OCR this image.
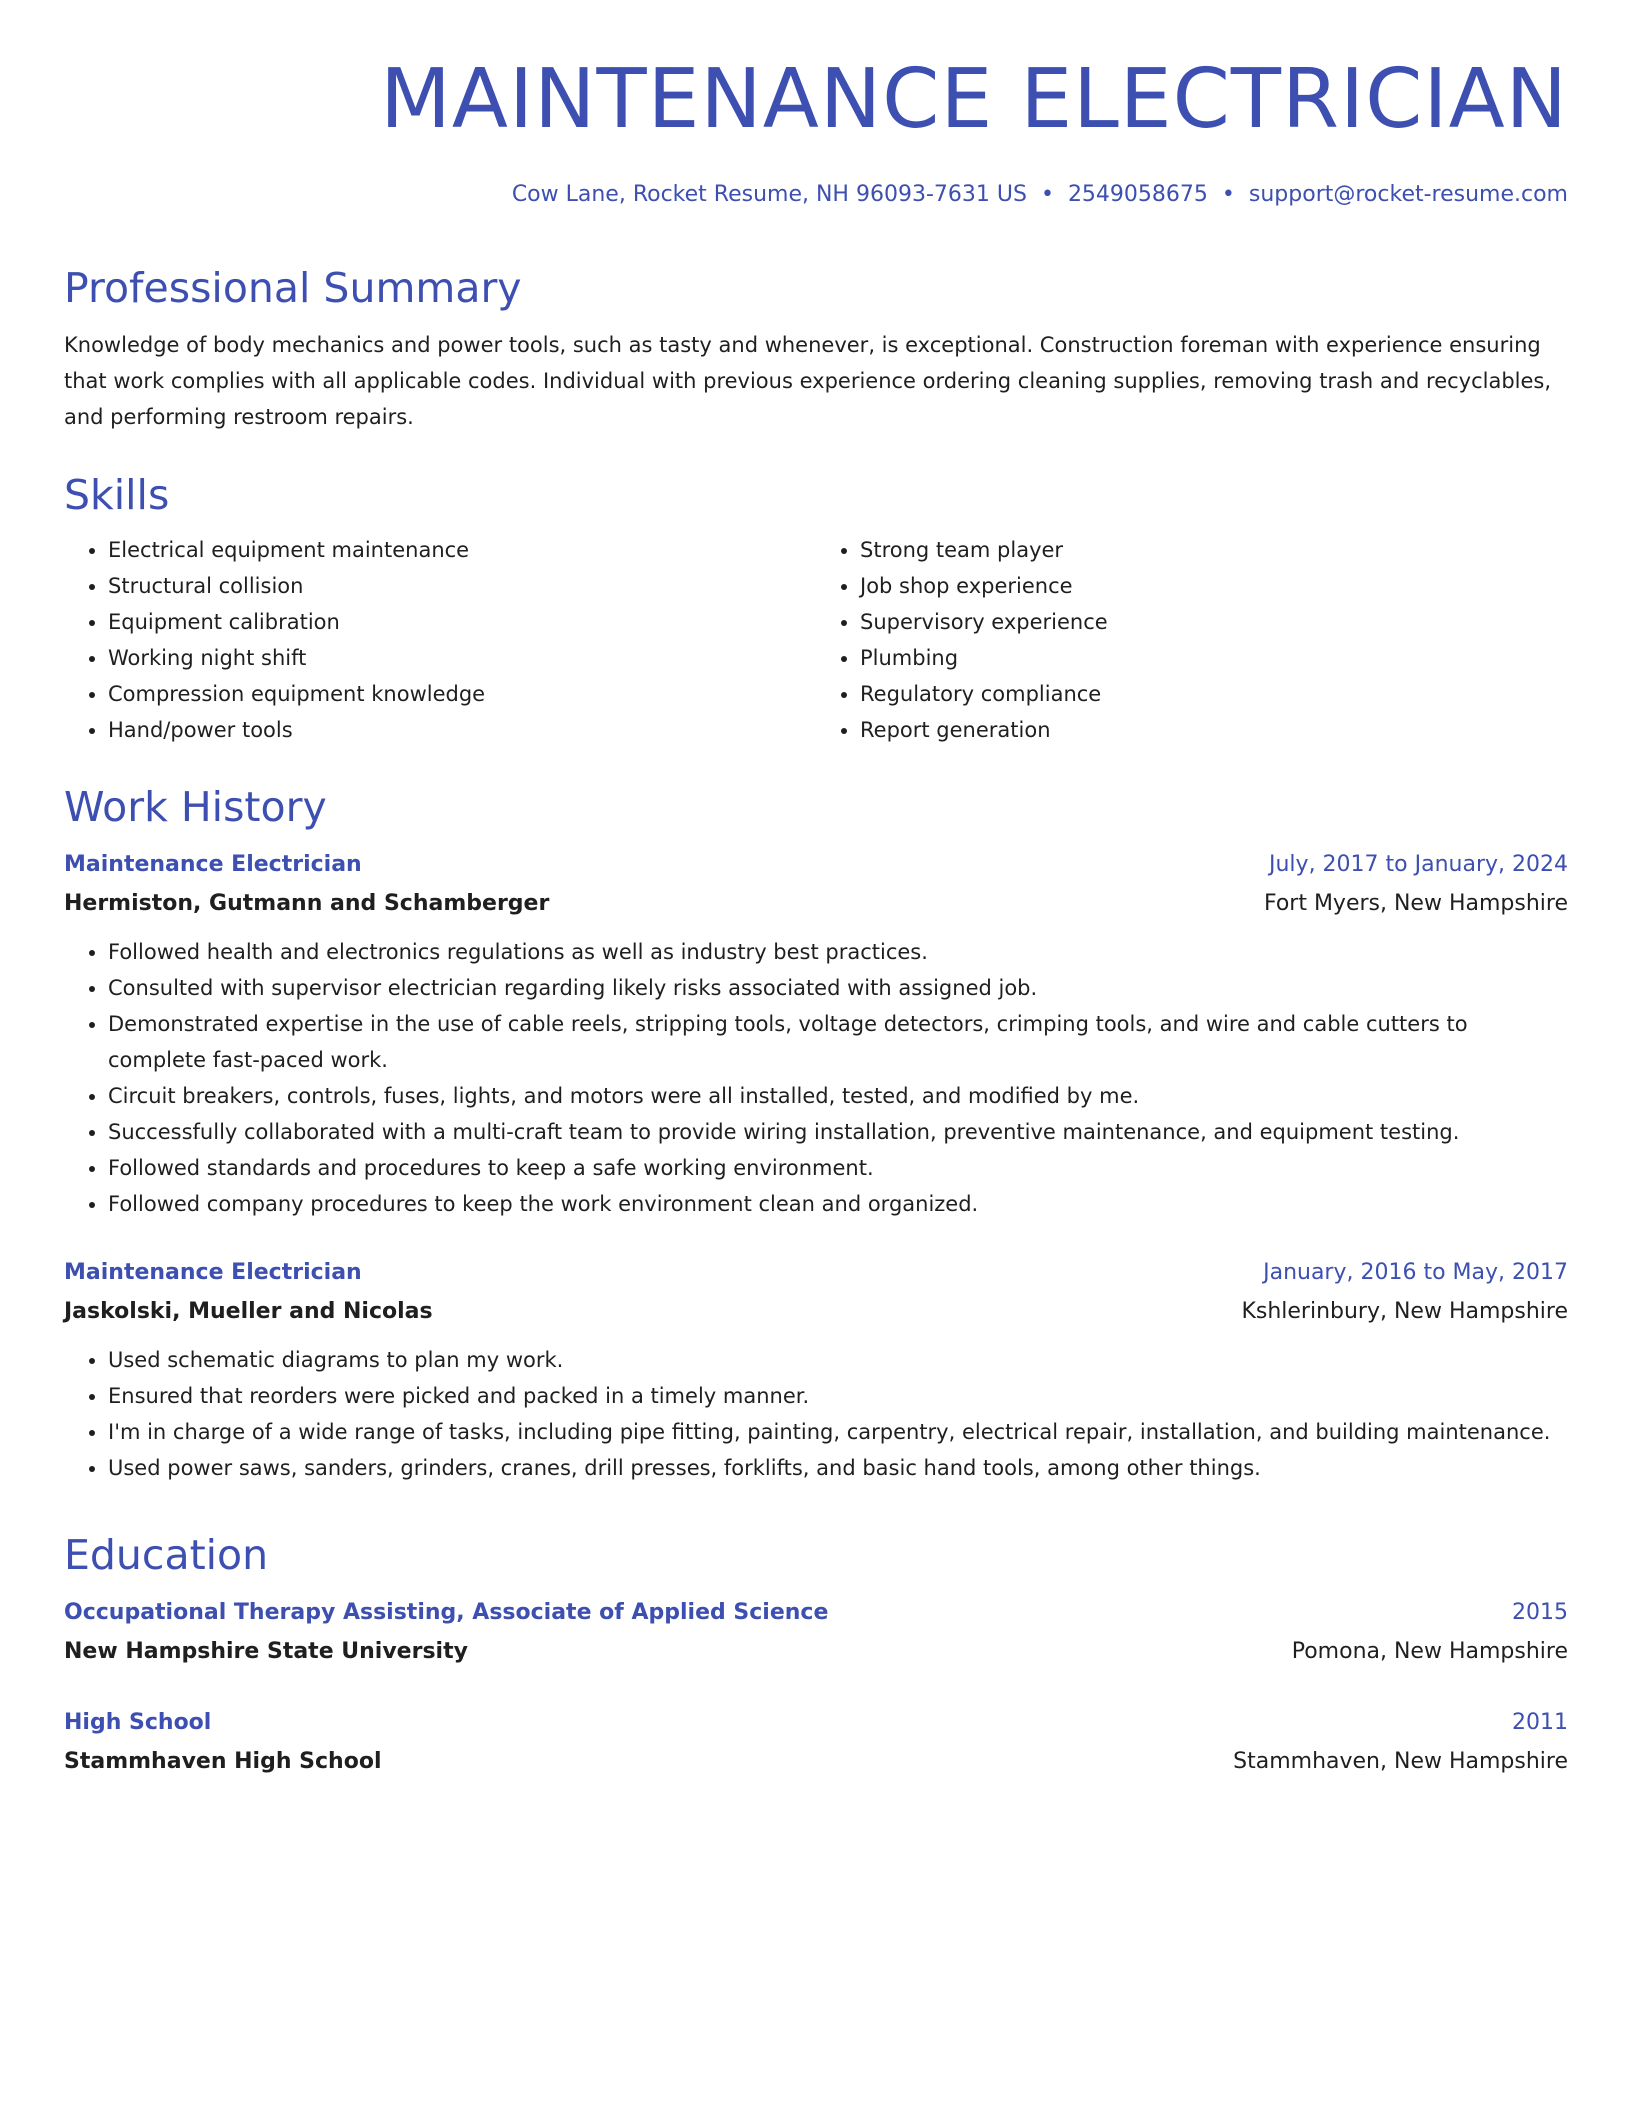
MAINTENANCE ELECTRICIAN
Cow Lane, Rocket Resume, NH 96093-7631 US • 2549058675 • support@rocket-resume.com
Professional Summary

Knowledge of body mechanics and power tools, such as tasty and whenever, is exceptional. Construction foreman with experience ensuring that work complies with all applicable codes. Individual with previous experience ordering cleaning supplies, removing trash and recyclables, and performing restroom repairs.

Skills
• Electrical equipment maintenance
• Structural collision
• Equipment calibration
• Working night shift
• Compression equipment knowledge
• Hand/power tools
• Strong team player
• Job shop experience
• Supervisory experience
• Plumbing
• Regulatory compliance
• Report generation
Work History
Maintenance Electrician	July, 2017 to January, 2024
Hermiston, Gutmann and Schamberger	Fort Myers, New Hampshire
• Followed health and electronics regulations as well as industry best practices.
• Consulted with supervisor electrician regarding likely risks associated with assigned job.
• Demonstrated expertise in the use of cable reels, stripping tools, voltage detectors, crimping tools, and wire and cable cutters to complete fast-paced work.
• Circuit breakers, controls, fuses, lights, and motors were all installed, tested, and modified by me.
• Successfully collaborated with a multi-craft team to provide wiring installation, preventive maintenance, and equipment testing.
• Followed standards and procedures to keep a safe working environment.
• Followed company procedures to keep the work environment clean and organized.
Maintenance Electrician	January, 2016 to May, 2017
Jaskolski, Mueller and Nicolas	Kshlerinbury, New Hampshire
• Used schematic diagrams to plan my work.
• Ensured that reorders were picked and packed in a timely manner.
• I'm in charge of a wide range of tasks, including pipe fitting, painting, carpentry, electrical repair, installation, and building maintenance.
• Used power saws, sanders, grinders, cranes, drill presses, forklifts, and basic hand tools, among other things.
Education
Occupational Therapy Assisting, Associate of Applied Science	2015
New Hampshire State University	Pomona, New Hampshire
High School	2011
Stammhaven High School	Stammhaven, New Hampshire
